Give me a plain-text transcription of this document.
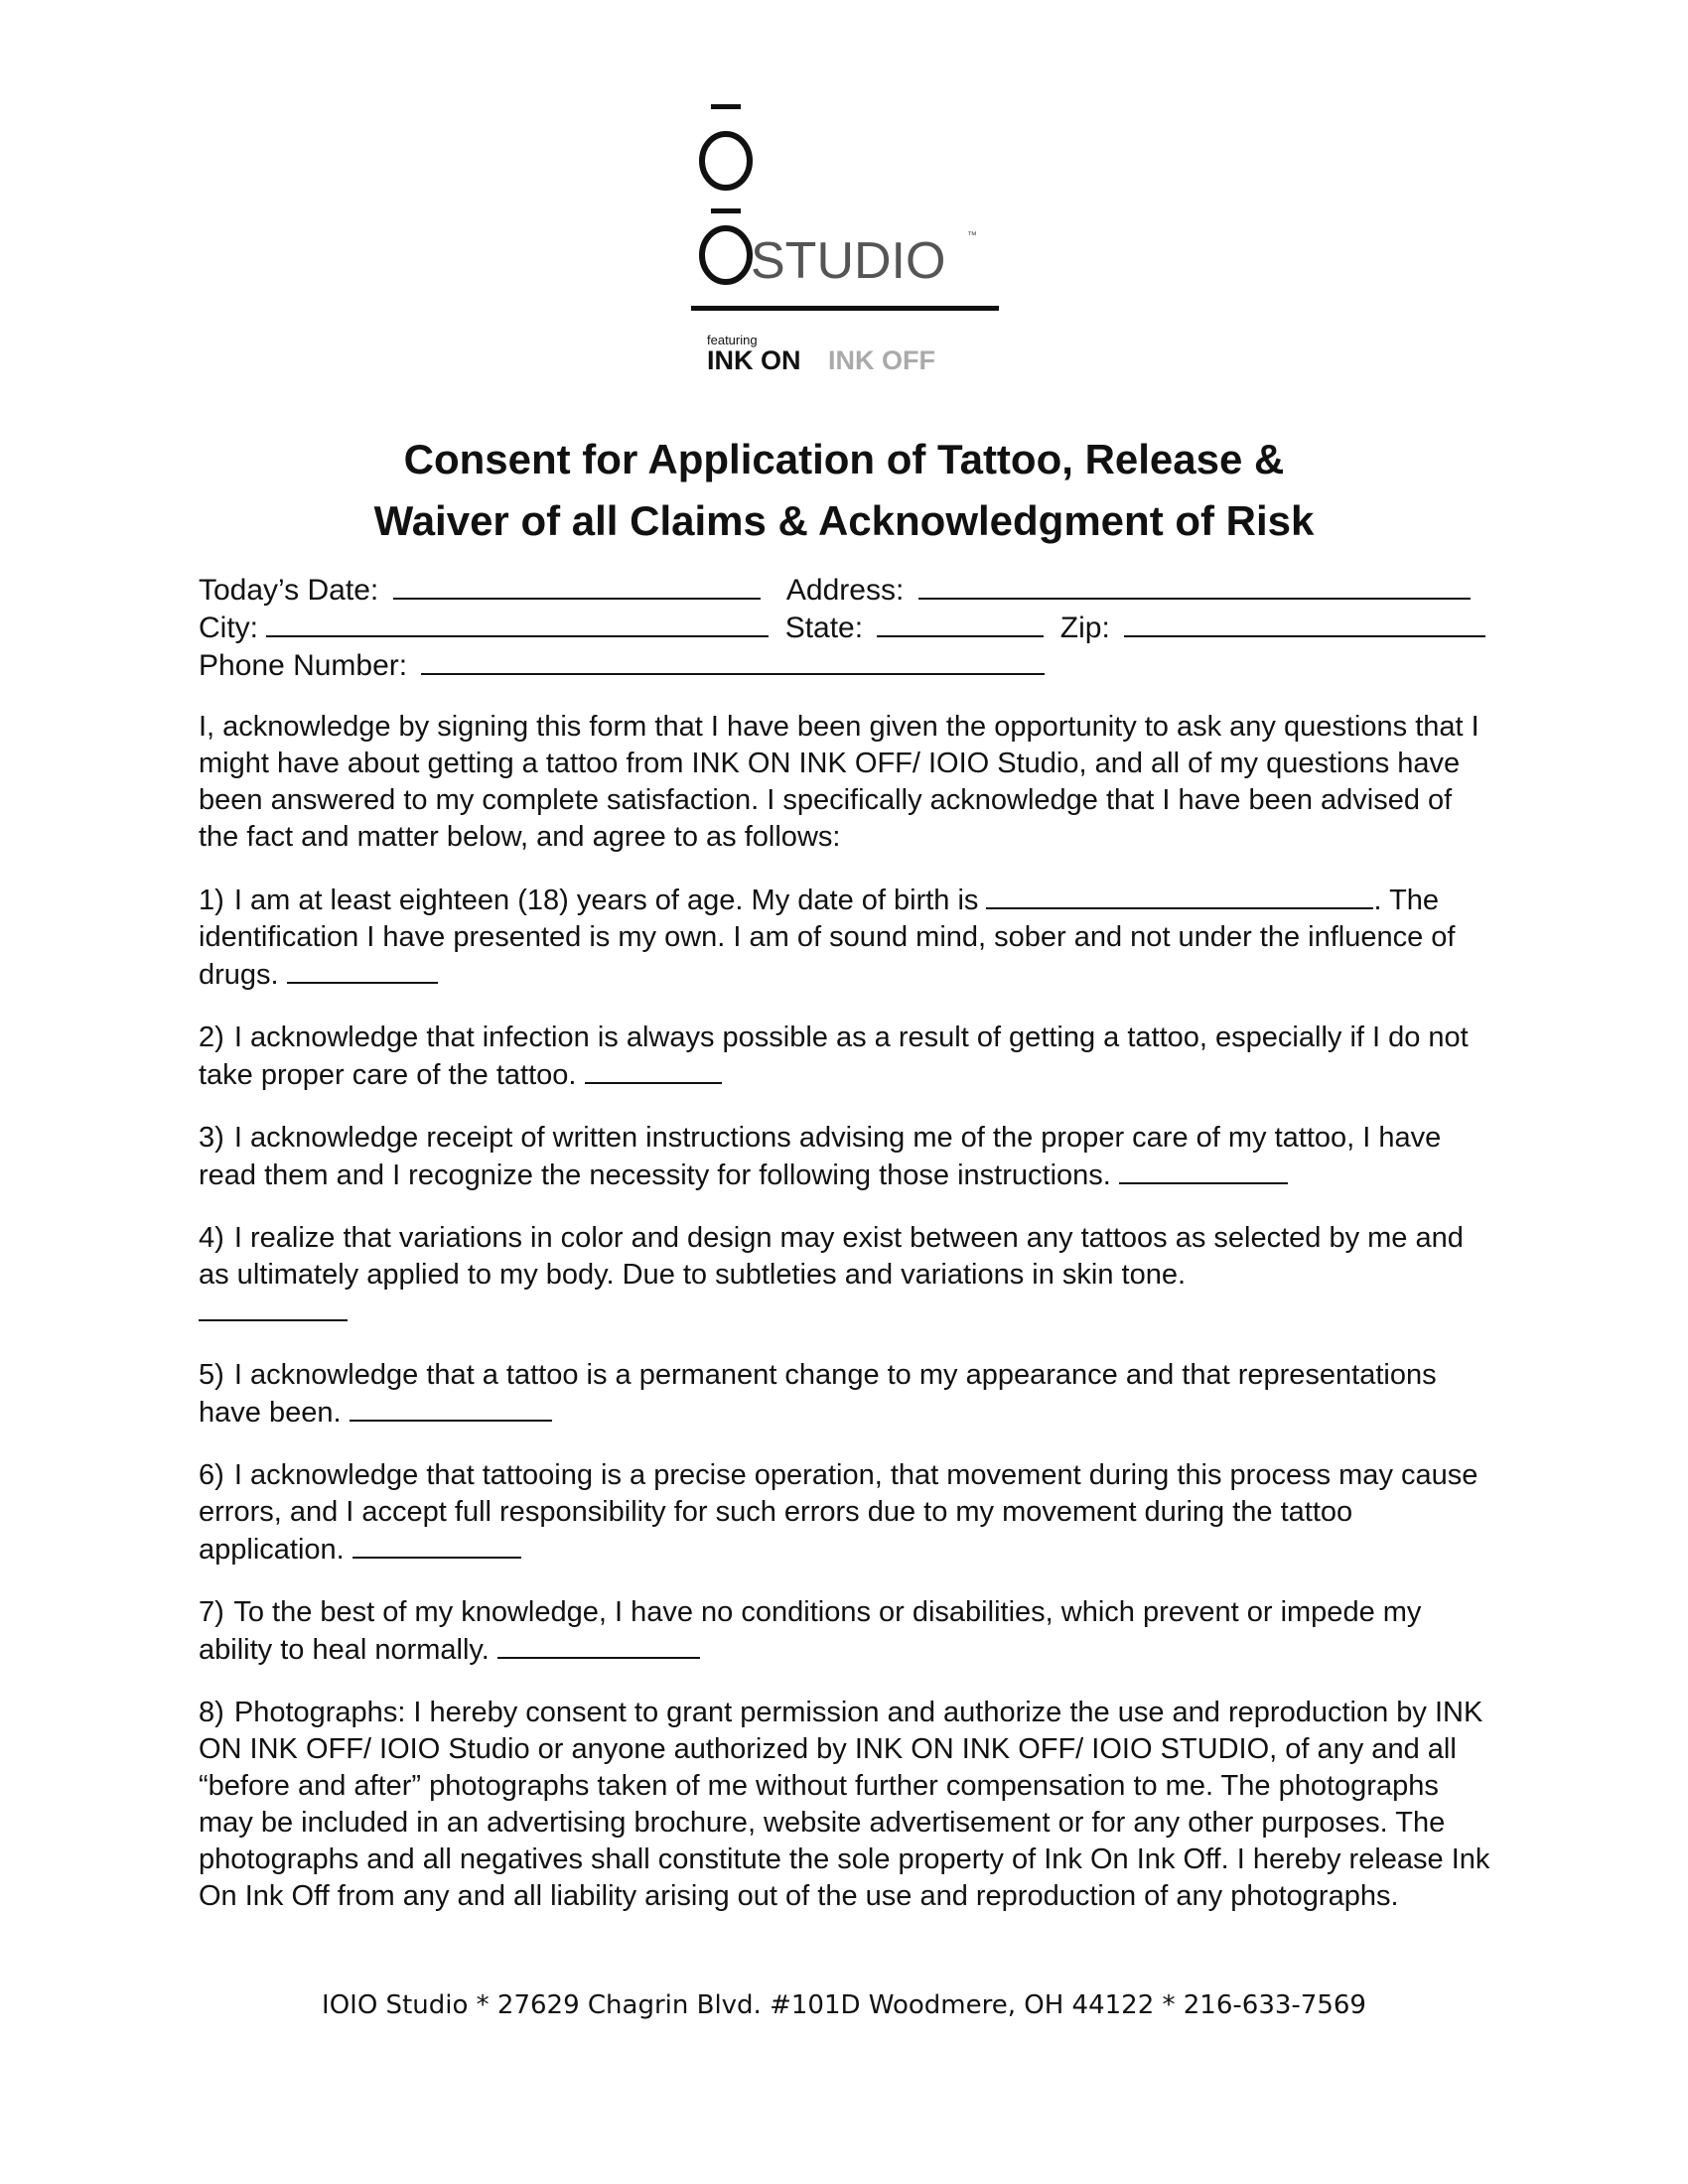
STUDIO ™
featuring
INK ON INK OFF
Consent for Application of Tattoo, Release &
Waiver of all Claims & Acknowledgment of Risk
Today’s Date:	Address:
City:	State:	Zip:
Phone Number:

I, acknowledge by signing this form that I have been given the opportunity to ask any questions that I might have about getting a tattoo from INK ON INK OFF/ IOIO Studio, and all of my questions have been answered to my complete satisfaction. I specifically acknowledge that I have been advised of the fact and matter below, and agree to as follows:

1) I am at least eighteen (18) years of age. My date of birth is	. The identification I have presented is my own. I am of sound mind, sober and not under the influence of drugs.

2) I acknowledge that infection is always possible as a result of getting a tattoo, especially if I do not take proper care of the tattoo.

3) I acknowledge receipt of written instructions advising me of the proper care of my tattoo, I have read them and I recognize the necessity for following those instructions.

4) I realize that variations in color and design may exist between any tattoos as selected by me and as ultimately applied to my body. Due to subtleties and variations in skin tone.

5) I acknowledge that a tattoo is a permanent change to my appearance and that representations have been.

6) I acknowledge that tattooing is a precise operation, that movement during this process may cause errors, and I accept full responsibility for such errors due to my movement during the tattoo application.

7) To the best of my knowledge, I have no conditions or disabilities, which prevent or impede my ability to heal normally.

8) Photographs: I hereby consent to grant permission and authorize the use and reproduction by INK ON INK OFF/ IOIO Studio or anyone authorized by INK ON INK OFF/ IOIO STUDIO, of any and all “before and after” photographs taken of me without further compensation to me. The photographs may be included in an advertising brochure, website advertisement or for any other purposes. The photographs and all negatives shall constitute the sole property of Ink On Ink Off. I hereby release Ink On Ink Off from any and all liability arising out of the use and reproduction of any photographs.

IOIO Studio * 27629 Chagrin Blvd. #101D Woodmere, OH 44122 * 216-633-7569
